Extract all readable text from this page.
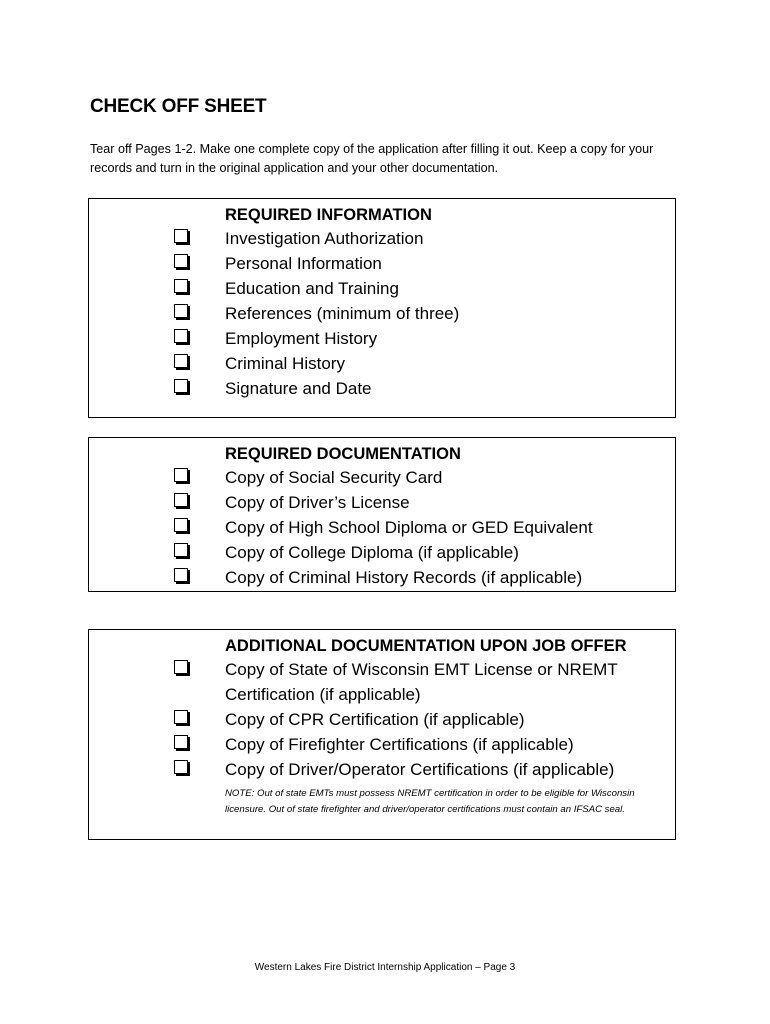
CHECK OFF SHEET
Tear off Pages 1-2. Make one complete copy of the application after filling it out. Keep a copy for your records and turn in the original application and your other documentation.
REQUIRED INFORMATION
Investigation Authorization
Personal Information
Education and Training
References (minimum of three)
Employment History
Criminal History
Signature and Date
REQUIRED DOCUMENTATION
Copy of Social Security Card
Copy of Driver’s License
Copy of High School Diploma or GED Equivalent
Copy of College Diploma (if applicable)
Copy of Criminal History Records (if applicable)
ADDITIONAL DOCUMENTATION UPON JOB OFFER
Copy of State of Wisconsin EMT License or NREMT
Certification (if applicable)
Copy of CPR Certification (if applicable)
Copy of Firefighter Certifications (if applicable)
Copy of Driver/Operator Certifications (if applicable)
NOTE: Out of state EMTs must possess NREMT certification in order to be eligible for Wisconsin licensure. Out of state firefighter and driver/operator certifications must contain an IFSAC seal.
Western Lakes Fire District Internship Application – Page 3
